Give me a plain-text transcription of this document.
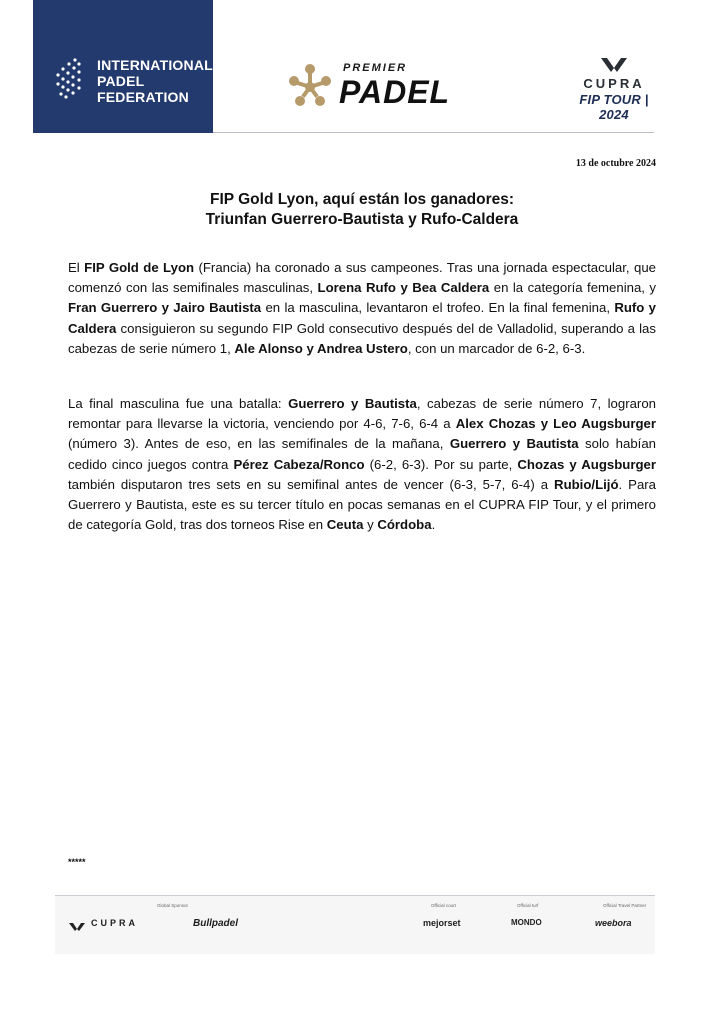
INTERNATIONAL
PADEL
FEDERATION
PREMIER
PADEL	CUPRA
FIP TOUR | 2024
13 de octubre 2024
FIP Gold Lyon, aquí están los ganadores:
Triunfan Guerrero-Bautista y Rufo-Caldera
El FIP Gold de Lyon (Francia) ha coronado a sus campeones. Tras una jornada espectacular, que comenzó con las semifinales masculinas, Lorena Rufo y Bea Caldera en la categoría femenina, y Fran Guerrero y Jairo Bautista en la masculina, levantaron el trofeo. En la final femenina, Rufo y Caldera consiguieron su segundo FIP Gold consecutivo después del de Valladolid, superando a las cabezas de serie número 1, Ale Alonso y Andrea Ustero, con un marcador de 6-2, 6-3.
La final masculina fue una batalla: Guerrero y Bautista, cabezas de serie número 7, lograron remontar para llevarse la victoria, venciendo por 4-6, 7-6, 6-4 a Alex Chozas y Leo Augsburger (número 3). Antes de eso, en las semifinales de la mañana, Guerrero y Bautista solo habían cedido cinco juegos contra Pérez Cabeza/Ronco (6-2, 6-3). Por su parte, Chozas y Augsburger también disputaron tres sets en su semifinal antes de vencer (6-3, 5-7, 6-4) a Rubio/Lijó. Para Guerrero y Bautista, este es su tercer título en pocas semanas en el CUPRA FIP Tour, y el primero de categoría Gold, tras dos torneos Rise en Ceuta y Córdoba.
*****
Global Sponsor	Official court	Official turf	Official Travel Partner
CUPRA	Bullpadel	mejorset	MONDO	weebora
